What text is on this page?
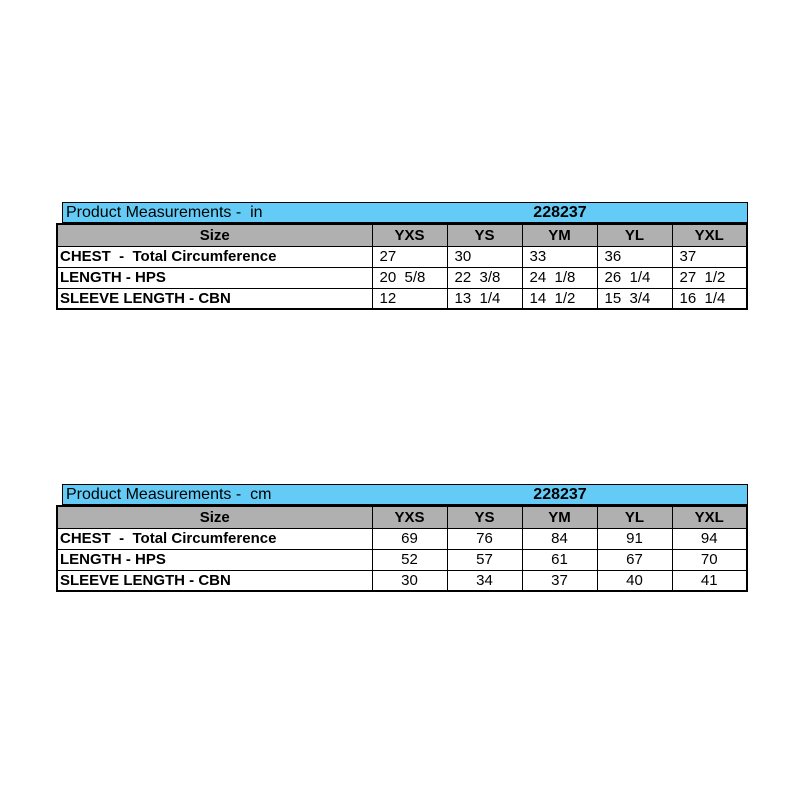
Product Measurements -  in	228237
Size	YXS	YS	YM	YL	YXL
CHEST  -  Total Circumference	27	30	33	36	37
LENGTH - HPS	20  5/8	22  3/8	24  1/8	26  1/4	27  1/2
SLEEVE LENGTH - CBN	12	13  1/4	14  1/2	15  3/4	16  1/4
Product Measurements -  cm	228237
Size	YXS	YS	YM	YL	YXL
CHEST  -  Total Circumference	69	76	84	91	94
LENGTH - HPS	52	57	61	67	70
SLEEVE LENGTH - CBN	30	34	37	40	41
